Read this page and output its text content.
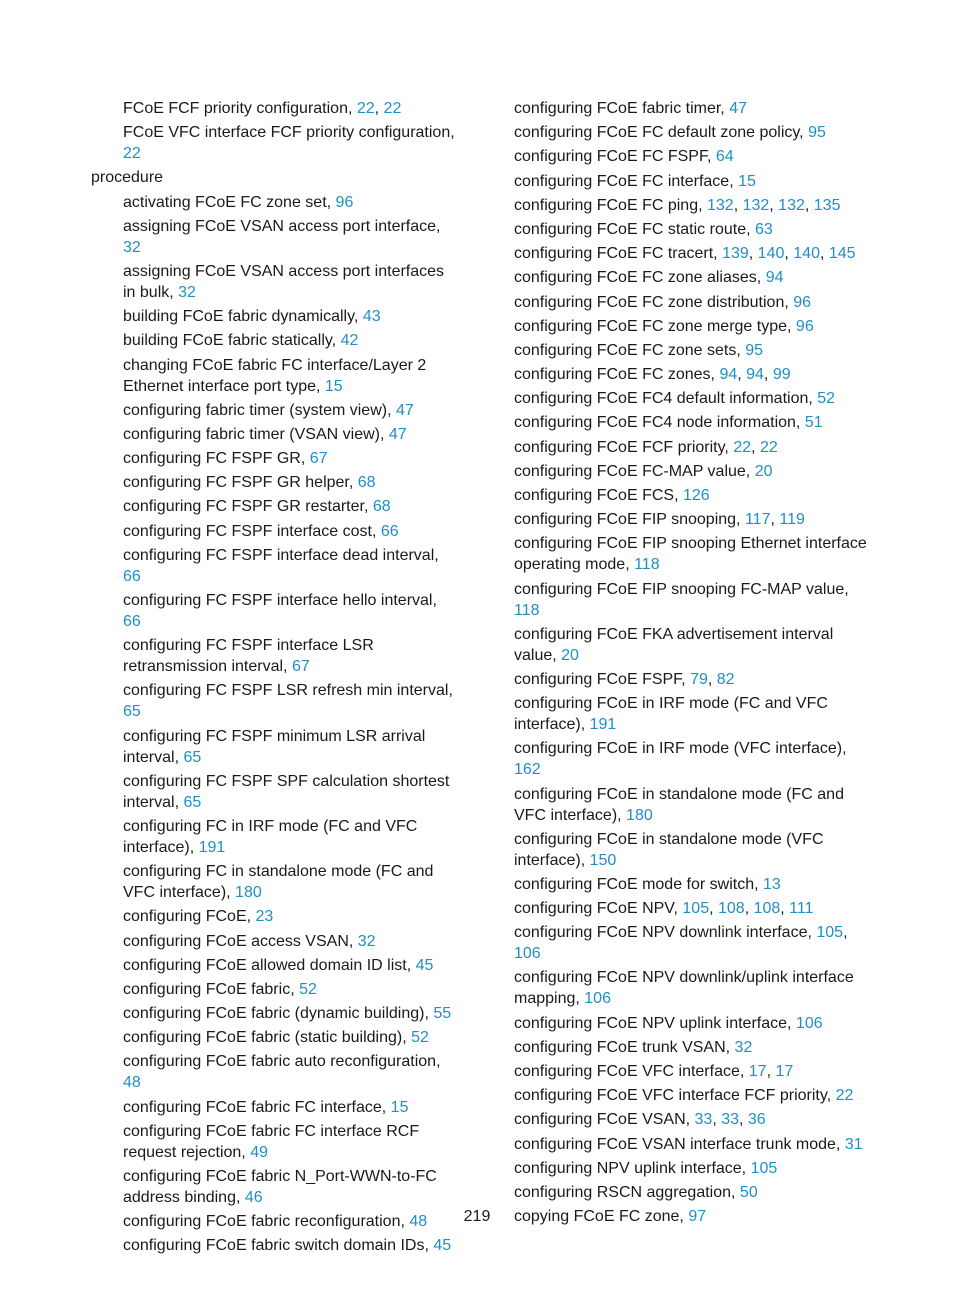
FCoE FCF priority configuration, 22, 22
FCoE VFC interface FCF priority configuration, 22
procedure
activating FCoE FC zone set, 96
assigning FCoE VSAN access port interface, 32
assigning FCoE VSAN access port interfaces in bulk, 32
building FCoE fabric dynamically, 43
building FCoE fabric statically, 42
changing FCoE fabric FC interface/Layer 2 Ethernet interface port type, 15
configuring fabric timer (system view), 47
configuring fabric timer (VSAN view), 47
configuring FC FSPF GR, 67
configuring FC FSPF GR helper, 68
configuring FC FSPF GR restarter, 68
configuring FC FSPF interface cost, 66
configuring FC FSPF interface dead interval, 66
configuring FC FSPF interface hello interval, 66
configuring FC FSPF interface LSR retransmission interval, 67
configuring FC FSPF LSR refresh min interval, 65
configuring FC FSPF minimum LSR arrival interval, 65
configuring FC FSPF SPF calculation shortest interval, 65
configuring FC in IRF mode (FC and VFC interface), 191
configuring FC in standalone mode (FC and VFC interface), 180
configuring FCoE, 23
configuring FCoE access VSAN, 32
configuring FCoE allowed domain ID list, 45
configuring FCoE fabric, 52
configuring FCoE fabric (dynamic building), 55
configuring FCoE fabric (static building), 52
configuring FCoE fabric auto reconfiguration, 48
configuring FCoE fabric FC interface, 15
configuring FCoE fabric FC interface RCF request rejection, 49
configuring FCoE fabric N_Port-WWN-to-FC address binding, 46
configuring FCoE fabric reconfiguration, 48
configuring FCoE fabric switch domain IDs, 45
configuring FCoE fabric timer, 47
configuring FCoE FC default zone policy, 95
configuring FCoE FC FSPF, 64
configuring FCoE FC interface, 15
configuring FCoE FC ping, 132, 132, 132, 135
configuring FCoE FC static route, 63
configuring FCoE FC tracert, 139, 140, 140, 145
configuring FCoE FC zone aliases, 94
configuring FCoE FC zone distribution, 96
configuring FCoE FC zone merge type, 96
configuring FCoE FC zone sets, 95
configuring FCoE FC zones, 94, 94, 99
configuring FCoE FC4 default information, 52
configuring FCoE FC4 node information, 51
configuring FCoE FCF priority, 22, 22
configuring FCoE FC-MAP value, 20
configuring FCoE FCS, 126
configuring FCoE FIP snooping, 117, 119
configuring FCoE FIP snooping Ethernet interface operating mode, 118
configuring FCoE FIP snooping FC-MAP value, 118
configuring FCoE FKA advertisement interval value, 20
configuring FCoE FSPF, 79, 82
configuring FCoE in IRF mode (FC and VFC interface), 191
configuring FCoE in IRF mode (VFC interface), 162
configuring FCoE in standalone mode (FC and VFC interface), 180
configuring FCoE in standalone mode (VFC interface), 150
configuring FCoE mode for switch, 13
configuring FCoE NPV, 105, 108, 108, 111
configuring FCoE NPV downlink interface, 105, 106
configuring FCoE NPV downlink/uplink interface mapping, 106
configuring FCoE NPV uplink interface, 106
configuring FCoE trunk VSAN, 32
configuring FCoE VFC interface, 17, 17
configuring FCoE VFC interface FCF priority, 22
configuring FCoE VSAN, 33, 33, 36
configuring FCoE VSAN interface trunk mode, 31
configuring NPV uplink interface, 105
configuring RSCN aggregation, 50
copying FCoE FC zone, 97
219
